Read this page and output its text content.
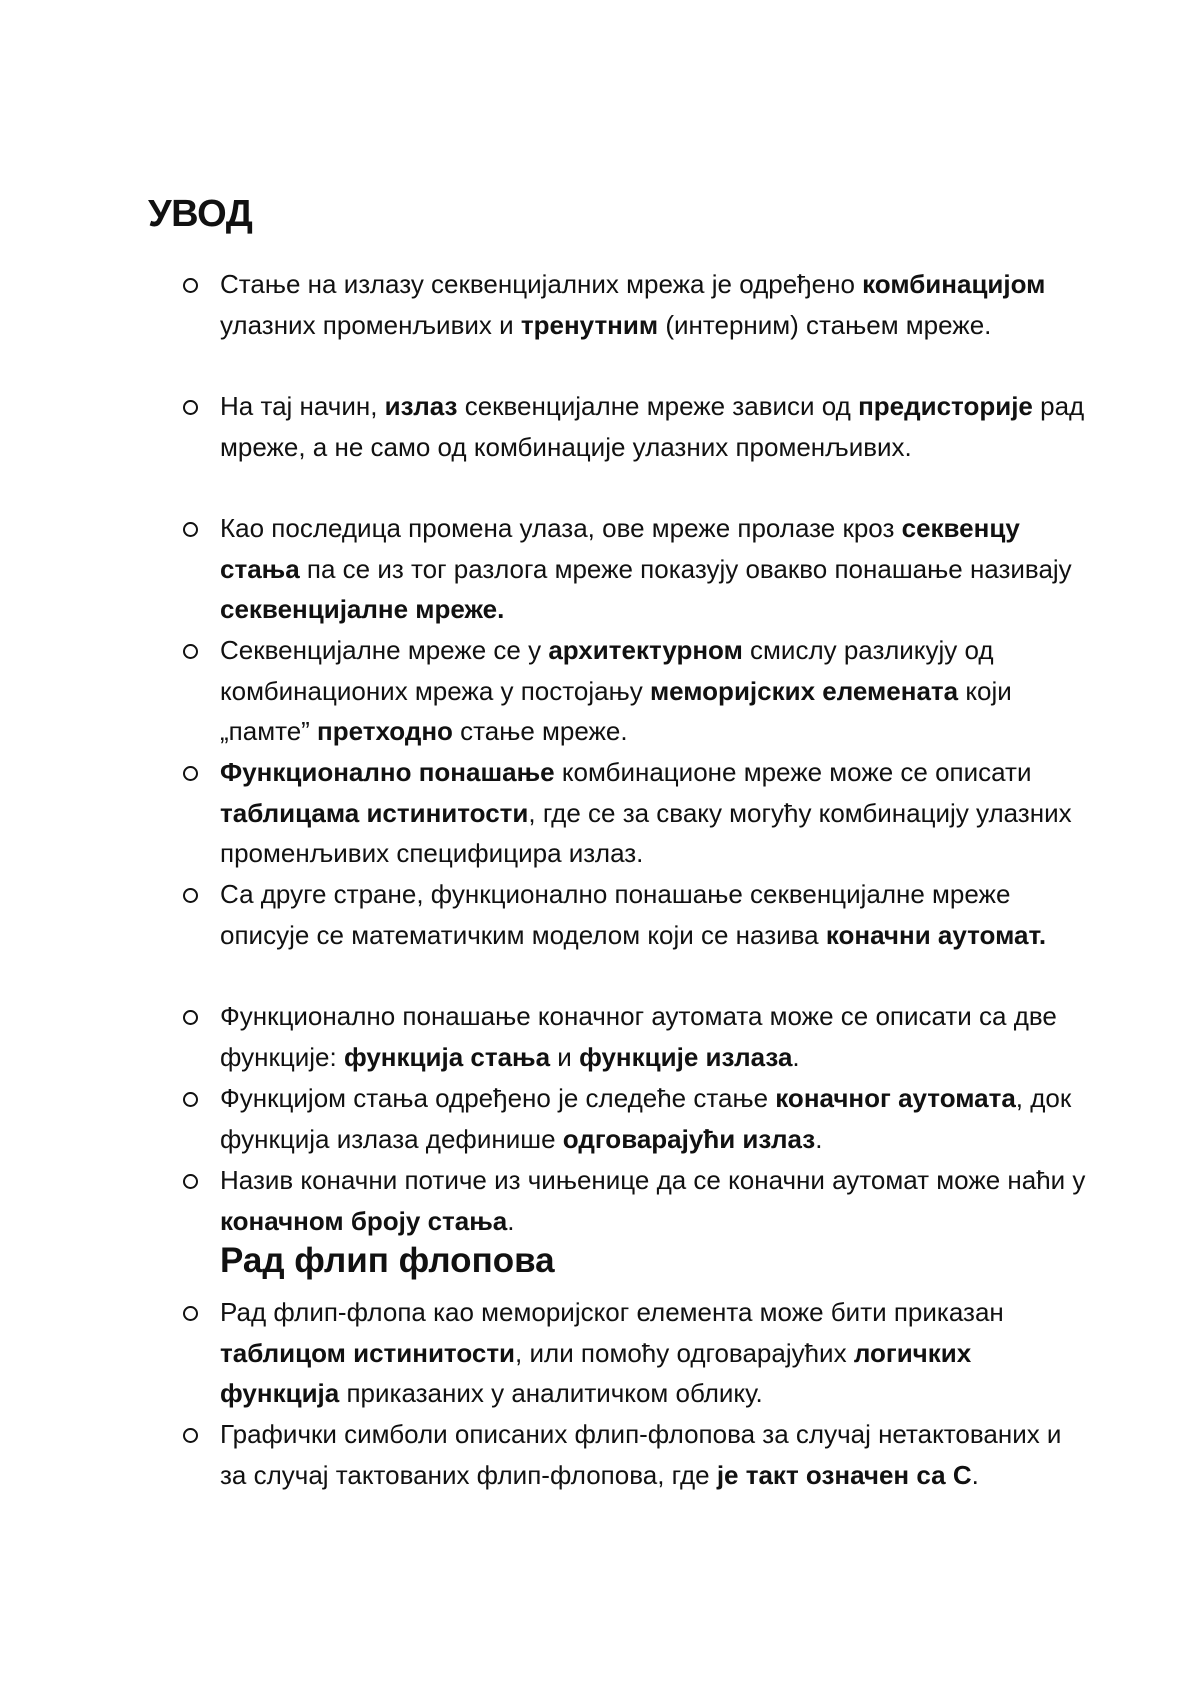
УВОД

Стање на излазу секвенцијалних мрежа је одређено комбинацијом улазних променљивих и тренутним (интерним) стањем мреже.

На тај начин, излаз секвенцијалне мреже зависи од предисторије рад мреже, а не само од комбинације улазних променљивих.

Као последица промена улаза, ове мреже пролазе кроз секвенцу стања па се из тог разлога мреже показују овакво понашање називају секвенцијалне мреже.

Секвенцијалне мреже се у архитектурном смислу разликују од комбинационих мрежа у постојању меморијских елемената који „памте” претходно стање мреже.

Функционално понашање комбинационе мреже може се описати таблицама истинитости, где се за сваку могућу комбинацију улазних променљивих специфицира излаз.

Са друге стране, функционално понашање секвенцијалне мреже описује се математичким моделом који се назива коначни аутомат.

Функционално понашање коначног аутомата може се описати са две функције: функција стања и функције излаза.

Функцијом стања одређено је следеће стање коначног аутомата, док функција излаза дефинише одговарајући излаз.

Назив коначни потиче из чињенице да се коначни аутомат може наћи у коначном броју стања.

Рад флип флопова

Рад флип-флопа као меморијског елемента може бити приказан таблицом истинитости, или помоћу одговарајућих логичких функција приказаних у аналитичком облику.

Графички симболи описаних флип-флопова за случај нетактованих и за случај тактованих флип-флопова, где је такт означен са C.
